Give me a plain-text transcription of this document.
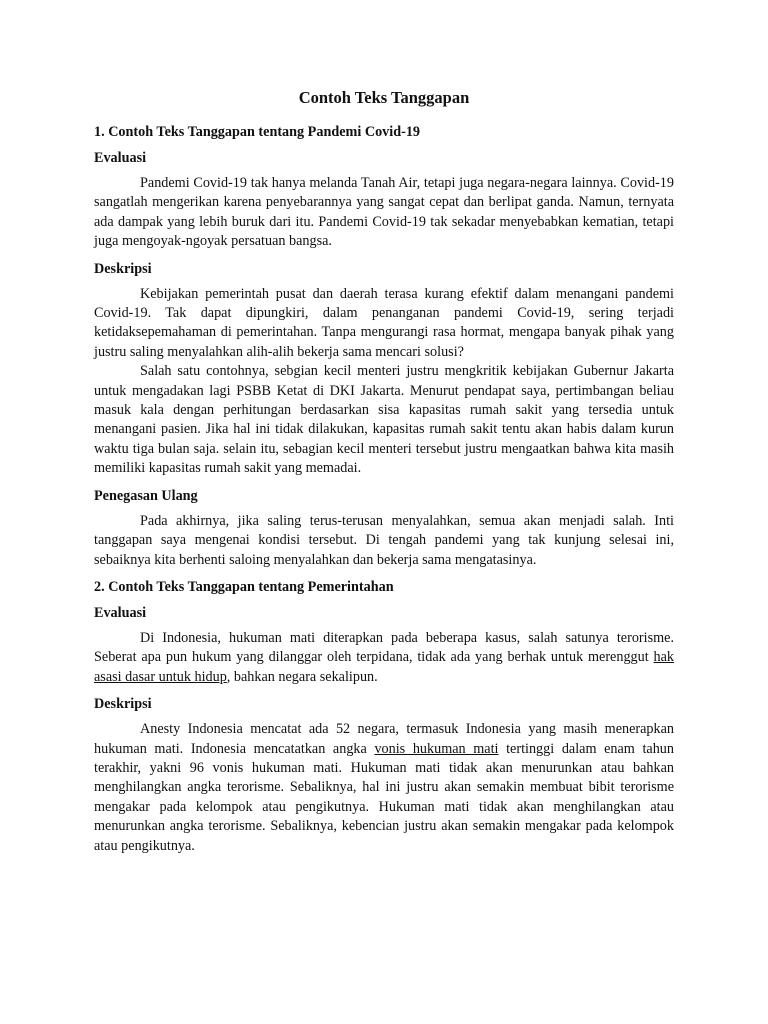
Contoh Teks Tanggapan
1. Contoh Teks Tanggapan tentang Pandemi Covid-19
Evaluasi

Pandemi Covid-19 tak hanya melanda Tanah Air, tetapi juga negara-negara lainnya. Covid-19 sangatlah mengerikan karena penyebarannya yang sangat cepat dan berlipat ganda. Namun, ternyata ada dampak yang lebih buruk dari itu. Pandemi Covid-19 tak sekadar menyebabkan kematian, tetapi juga mengoyak-ngoyak persatuan bangsa.

Deskripsi

Kebijakan pemerintah pusat dan daerah terasa kurang efektif dalam menangani pandemi Covid-19. Tak dapat dipungkiri, dalam penanganan pandemi Covid-19, sering terjadi ketidaksepemahaman di pemerintahan. Tanpa mengurangi rasa hormat, mengapa banyak pihak yang justru saling menyalahkan alih-alih bekerja sama mencari solusi?

Salah satu contohnya, sebgian kecil menteri justru mengkritik kebijakan Gubernur Jakarta untuk mengadakan lagi PSBB Ketat di DKI Jakarta. Menurut pendapat saya, pertimbangan beliau masuk kala dengan perhitungan berdasarkan sisa kapasitas rumah sakit yang tersedia untuk menangani pasien. Jika hal ini tidak dilakukan, kapasitas rumah sakit tentu akan habis dalam kurun waktu tiga bulan saja. selain itu, sebagian kecil menteri tersebut justru mengaatkan bahwa kita masih memiliki kapasitas rumah sakit yang memadai.

Penegasan Ulang

Pada akhirnya, jika saling terus-terusan menyalahkan, semua akan menjadi salah. Inti tanggapan saya mengenai kondisi tersebut. Di tengah pandemi yang tak kunjung selesai ini, sebaiknya kita berhenti saloing menyalahkan dan bekerja sama mengatasinya.

2. Contoh Teks Tanggapan tentang Pemerintahan
Evaluasi

Di Indonesia, hukuman mati diterapkan pada beberapa kasus, salah satunya terorisme. Seberat apa pun hukum yang dilanggar oleh terpidana, tidak ada yang berhak untuk merenggut hak asasi dasar untuk hidup, bahkan negara sekalipun.

Deskripsi

Anesty Indonesia mencatat ada 52 negara, termasuk Indonesia yang masih menerapkan hukuman mati. Indonesia mencatatkan angka vonis hukuman mati tertinggi dalam enam tahun terakhir, yakni 96 vonis hukuman mati. Hukuman mati tidak akan menurunkan atau bahkan menghilangkan angka terorisme. Sebaliknya, hal ini justru akan semakin membuat bibit terorisme mengakar pada kelompok atau pengikutnya. Hukuman mati tidak akan menghilangkan atau menurunkan angka terorisme. Sebaliknya, kebencian justru akan semakin mengakar pada kelompok atau pengikutnya.
